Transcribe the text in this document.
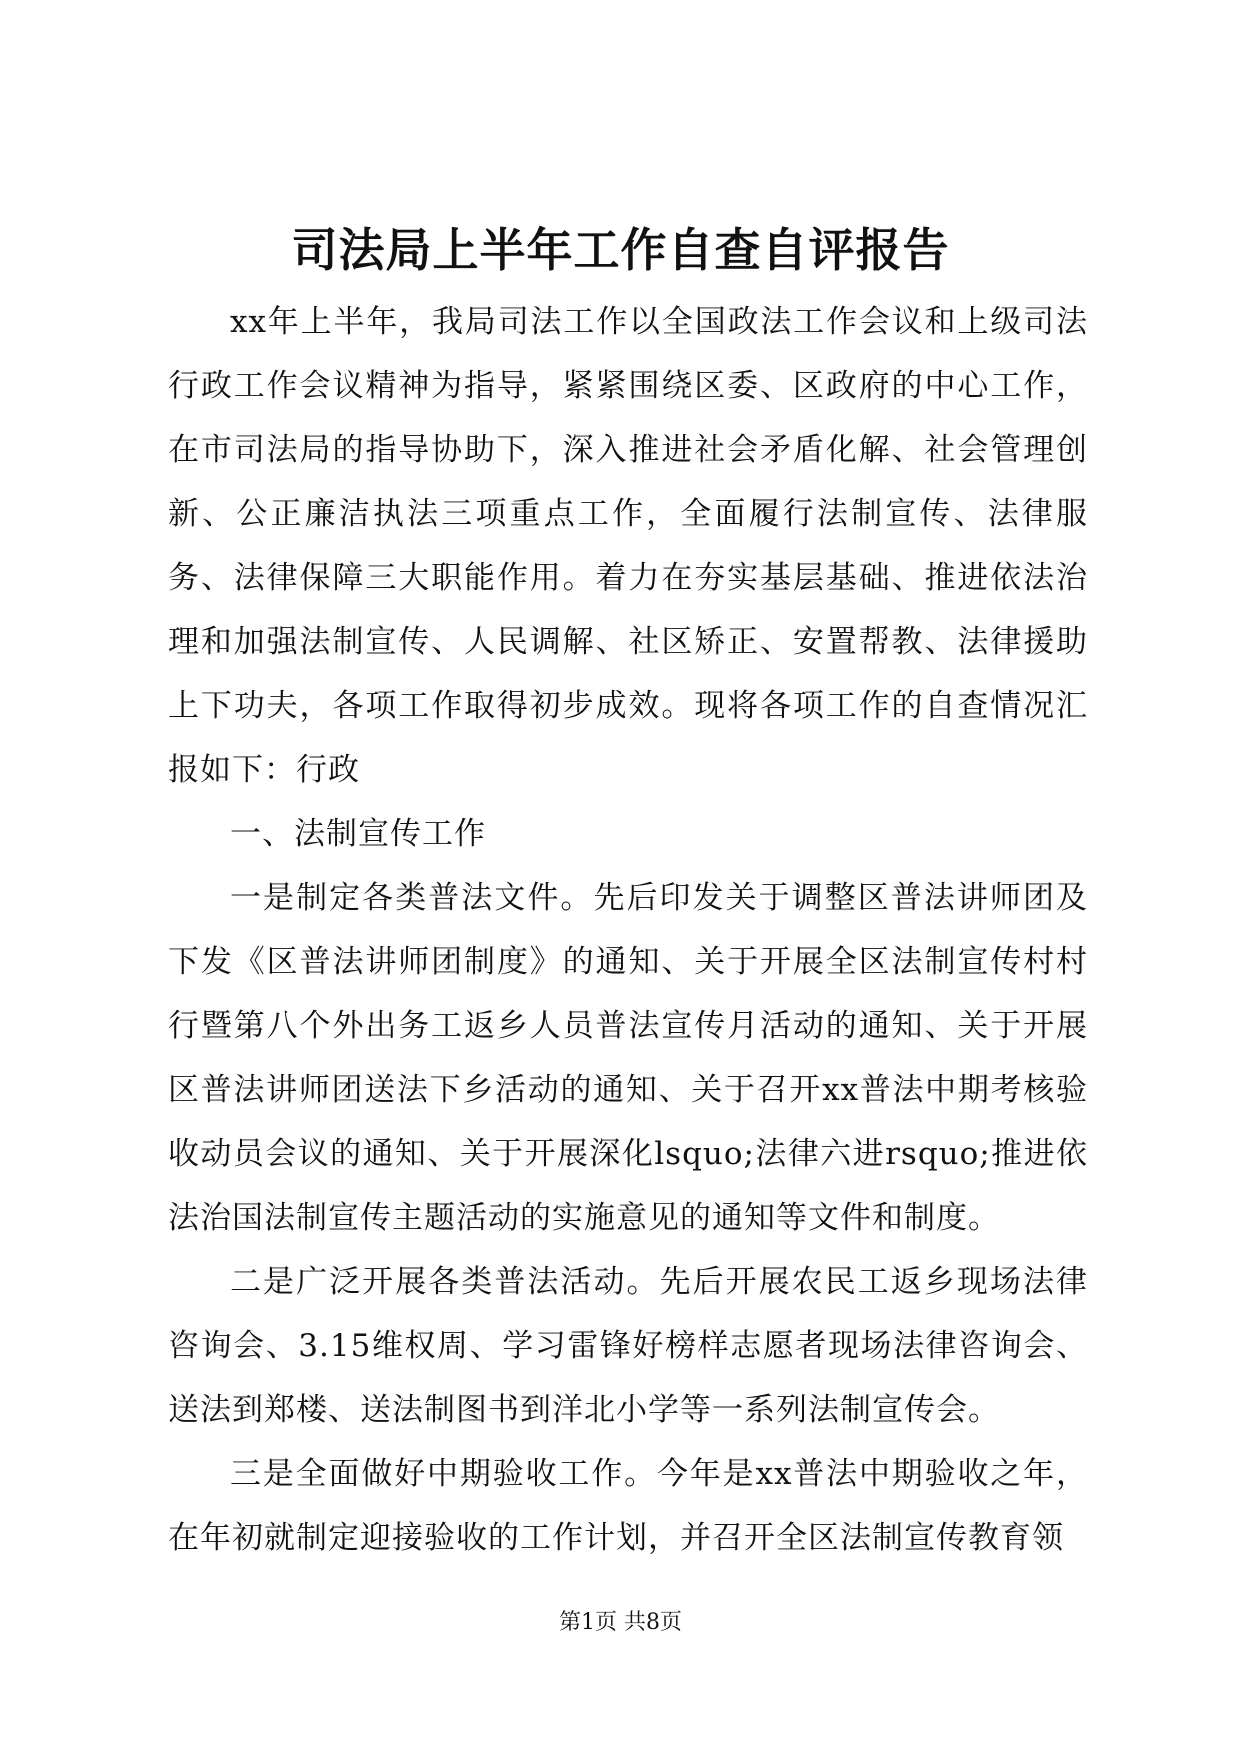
司法局上半年工作自查自评报告

xx年上半年，我局司法工作以全国政法工作会议和上级司法行政工作会议精神为指导，紧紧围绕区委、区政府的中心工作，在市司法局的指导协助下，深入推进社会矛盾化解、社会管理创新、公正廉洁执法三项重点工作，全面履行法制宣传、法律服务、法律保障三大职能作用。着力在夯实基层基础、推进依法治理和加强法制宣传、人民调解、社区矫正、安置帮教、法律援助上下功夫，各项工作取得初步成效。现将各项工作的自查情况汇报如下：行政

一、法制宣传工作

一是制定各类普法文件。先后印发关于调整区普法讲师团及下发《区普法讲师团制度》的通知、关于开展全区法制宣传村村行暨第八个外出务工返乡人员普法宣传月活动的通知、关于开展区普法讲师团送法下乡活动的通知、关于召开xx普法中期考核验收动员会议的通知、关于开展深化lsquo;法律六进rsquo;推进依法治国法制宣传主题活动的实施意见的通知等文件和制度。

二是广泛开展各类普法活动。先后开展农民工返乡现场法律咨询会、3.15维权周、学习雷锋好榜样志愿者现场法律咨询会、送法到郑楼、送法制图书到洋北小学等一系列法制宣传会。

三是全面做好中期验收工作。今年是xx普法中期验收之年，在年初就制定迎接验收的工作计划，并召开全区法制宣传教育领

第1页 共8页
